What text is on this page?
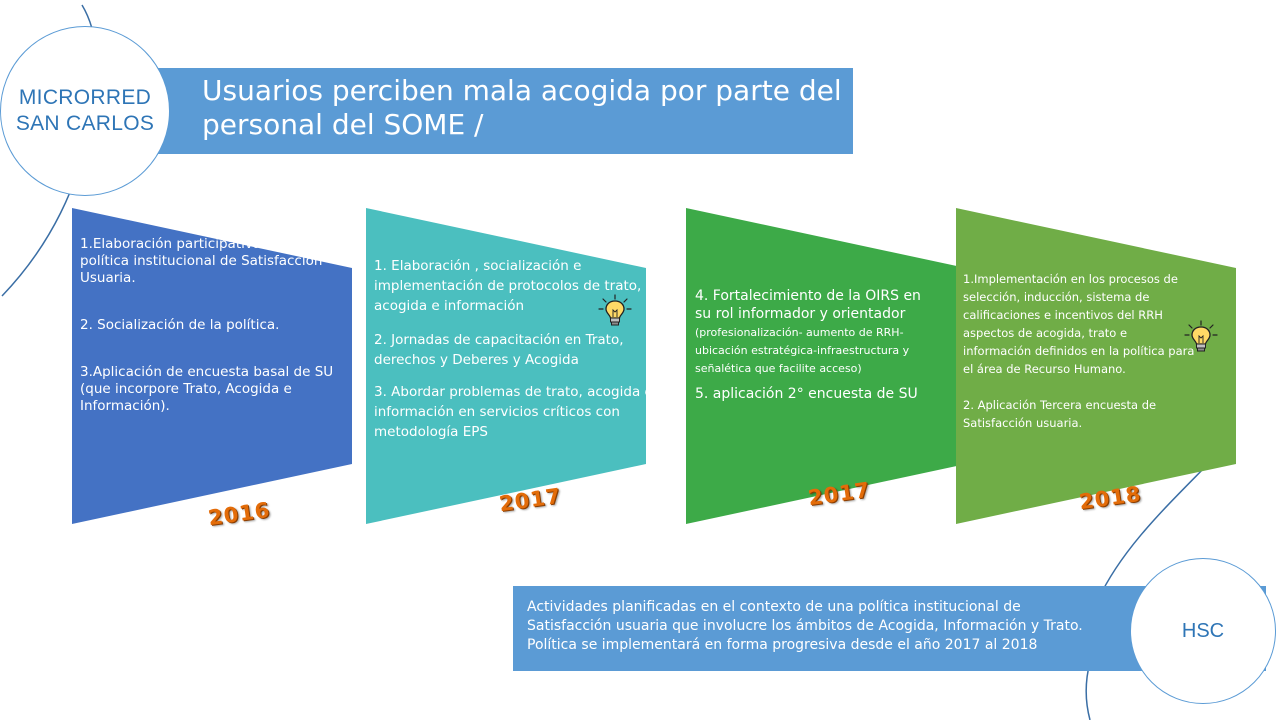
Usuarios perciben mala acogida por parte del
personal del SOME /
MICRORRED
SAN CARLOS

1.Elaboración participativa de un política institucional de Satisfacción Usuaria.

2. Socialización de la política.

3.Aplicación de encuesta basal de SU (que incorpore Trato, Acogida e Información).

1. Elaboración , socialización e implementación de protocolos de trato, acogida e información

2. Jornadas de capacitación en Trato, derechos y Deberes y Acogida

3. Abordar problemas de trato, acogida e información en servicios críticos con metodología EPS

4. Fortalecimiento de la OIRS en su rol informador y orientador (profesionalización- aumento de RRH- ubicación estratégica-infraestructura y señalética que facilite acceso)

5. aplicación 2° encuesta de SU

1.Implementación en los procesos de selección, inducción, sistema de calificaciones e incentivos del RRH aspectos de acogida, trato e información definidos en la política para el área de Recurso Humano.

2. Aplicación Tercera encuesta de Satisfacción usuaria.

2016	2017	2017	2018
Actividades planificadas en el contexto de una política institucional de
Satisfacción usuaria que involucre los ámbitos de Acogida, Información y Trato.
Política se implementará en forma progresiva desde el año 2017 al 2018
HSC
